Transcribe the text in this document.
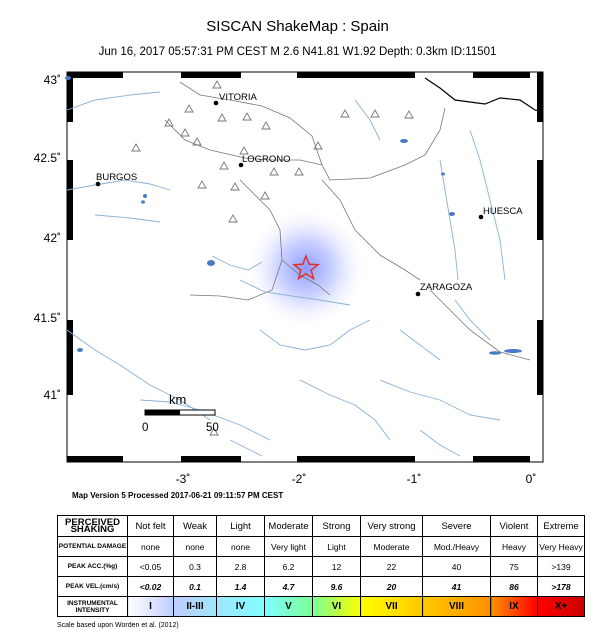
SISCAN ShakeMap : Spain
Jun 16, 2017 05:57:31 PM CEST M 2.6 N41.81 W1.92 Depth: 0.3km ID:11501
VITORIA
LOGRONO
BURGOS
HUESCA
ZARAGOZA
km
0	50
43˚
42.5˚
42˚
41.5˚
41˚
-3˚	-2˚	-1˚	0˚
Map Version 5 Processed 2017-06-21 09:11:57 PM CEST
PERCEIVED SHAKING	Not felt	Weak	Light	Moderate	Strong	Very strong	Severe	Violent	Extreme
POTENTIAL DAMAGE	none	none	none	Very light	Light	Moderate	Mod./Heavy	Heavy	Very Heavy
PEAK ACC.(%g)	<0.05	0.3	2.8	6.2	12	22	40	75	>139
PEAK VEL.(cm/s)	<0.02	0.1	1.4	4.7	9.6	20	41	86	>178
INSTRUMENTAL INTENSITY	I	II-III	IV	V	VI	VII	VIII	IX	X+
Scale based upon Worden et al. (2012)
